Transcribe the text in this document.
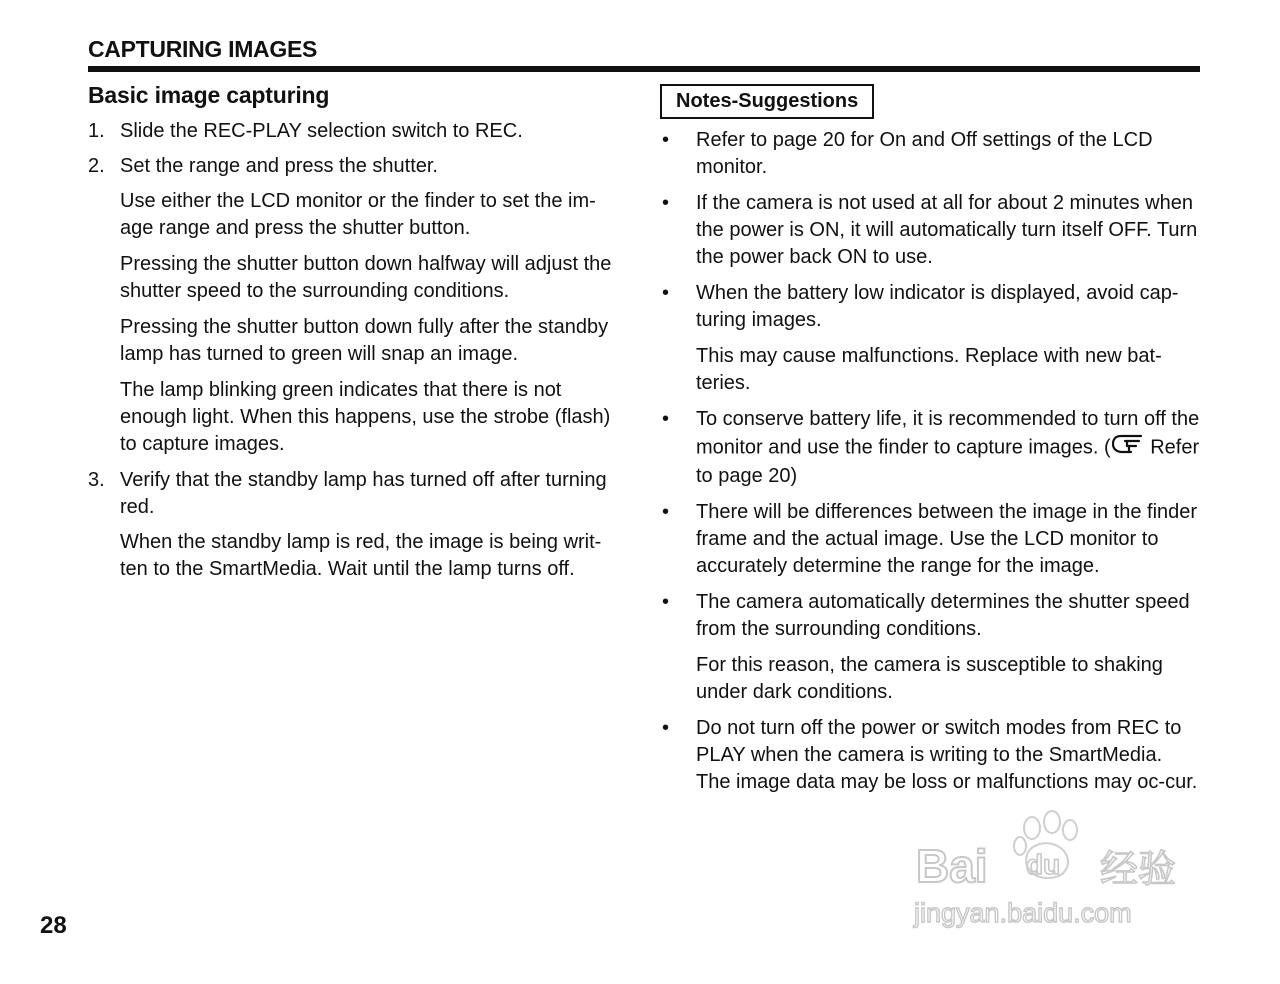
CAPTURING IMAGES
Basic image capturing
1. Slide the REC-PLAY selection switch to REC.
2. Set the range and press the shutter.
Use either the LCD monitor or the finder to set the im-age range and press the shutter button.
Pressing the shutter button down halfway will adjust the shutter speed to the surrounding conditions.
Pressing the shutter button down fully after the standby lamp has turned to green will snap an image.
The lamp blinking green indicates that there is not enough light. When this happens, use the strobe (flash) to capture images.
3. Verify that the standby lamp has turned off after turning red.
When the standby lamp is red, the image is being writ-ten to the SmartMedia. Wait until the lamp turns off.
Notes-Suggestions
•	Refer to page 20 for On and Off settings of the LCD monitor.
•	If the camera is not used at all for about 2 minutes when the power is ON, it will automatically turn itself OFF. Turn the power back ON to use.
•	When the battery low indicator is displayed, avoid cap-turing images.
This may cause malfunctions. Replace with new bat-teries.
•	To conserve battery life, it is recommended to turn off the monitor and use the finder to capture images. ( Refer to page 20)
•	There will be differences between the image in the finder frame and the actual image. Use the LCD monitor to accurately determine the range for the image.
•	The camera automatically determines the shutter speed from the surrounding conditions.
For this reason, the camera is susceptible to shaking under dark conditions.
•	Do not turn off the power or switch modes from REC to PLAY when the camera is writing to the SmartMedia. The image data may be loss or malfunctions may oc-cur.
28
Bai du 经验
jingyan.baidu.com
